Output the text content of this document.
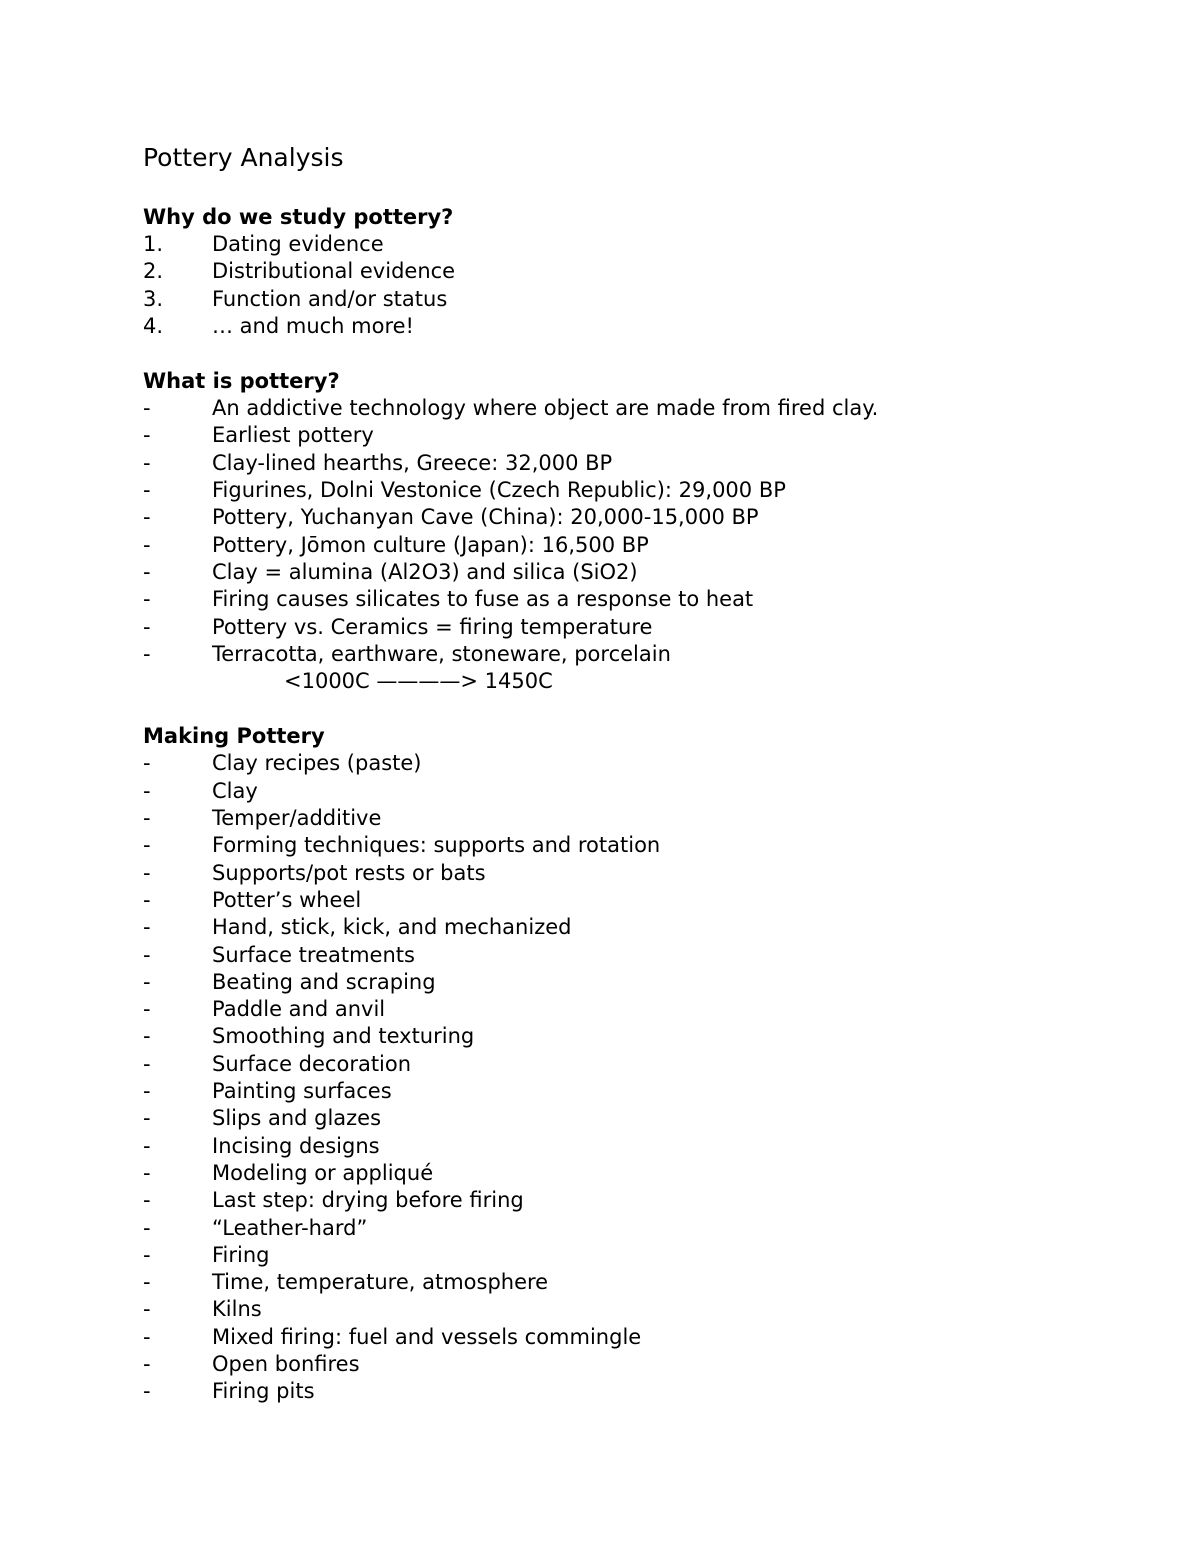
Pottery Analysis
Why do we study pottery?
1.	Dating evidence
2.	Distributional evidence
3.	Function and/or status
4.	… and much more!
What is pottery?
-	An addictive technology where object are made from fired clay.
-	Earliest pottery
-	Clay-lined hearths, Greece: 32,000 BP
-	Figurines, Dolni Vestonice (Czech Republic): 29,000 BP
-	Pottery, Yuchanyan Cave (China): 20,000-15,000 BP
-	Pottery, Jōmon culture (Japan): 16,500 BP
-	Clay = alumina (Al2O3) and silica (SiO2)
-	Firing causes silicates to fuse as a response to heat
-	Pottery vs. Ceramics = firing temperature
-	Terracotta, earthware, stoneware, porcelain
<1000C ————> 1450C
Making Pottery
-	Clay recipes (paste)
-	Clay
-	Temper/additive
-	Forming techniques: supports and rotation
-	Supports/pot rests or bats
-	Potter’s wheel
-	Hand, stick, kick, and mechanized
-	Surface treatments
-	Beating and scraping
-	Paddle and anvil
-	Smoothing and texturing
-	Surface decoration
-	Painting surfaces
-	Slips and glazes
-	Incising designs
-	Modeling or appliqué
-	Last step: drying before firing
-	“Leather-hard”
-	Firing
-	Time, temperature, atmosphere
-	Kilns
-	Mixed firing: fuel and vessels commingle
-	Open bonfires
-	Firing pits
